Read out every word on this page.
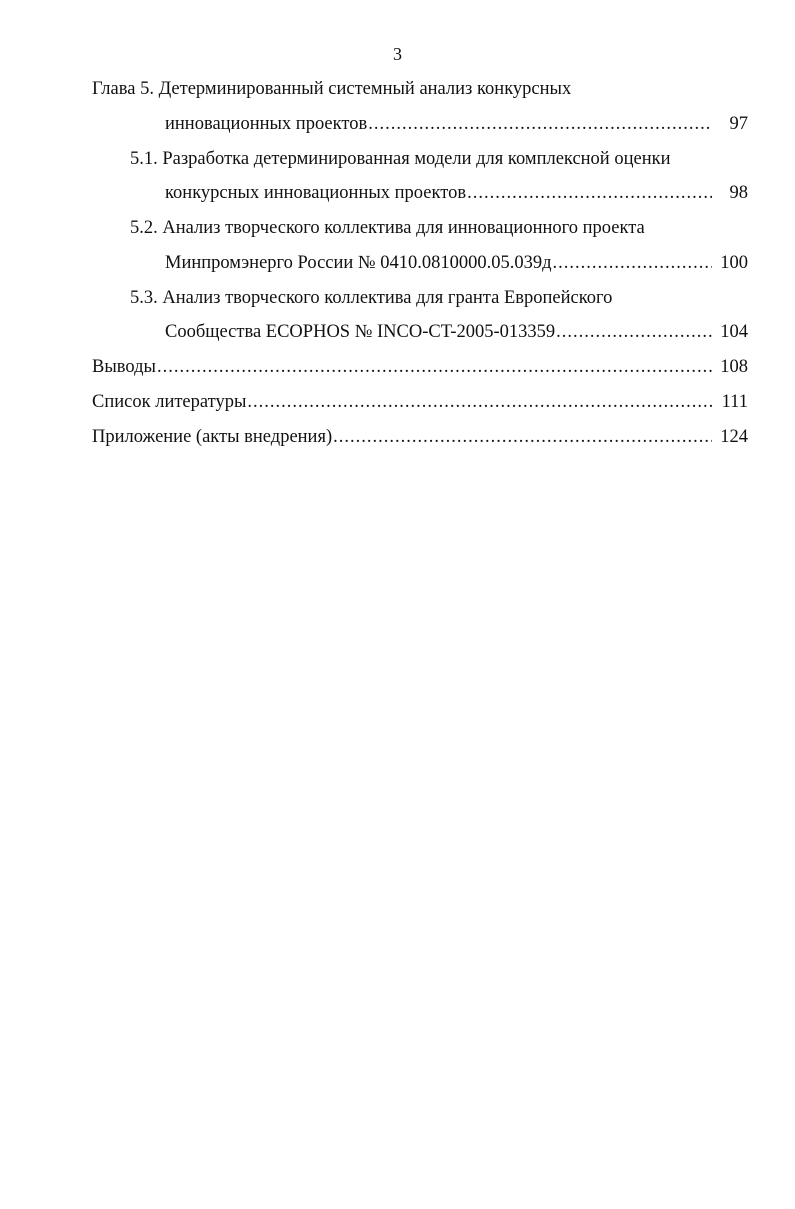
3
Глава 5. Детерминированный системный анализ конкурсных
инновационных проектов .....	97
5.1. Разработка детерминированная модели для комплексной оценки
конкурсных инновационных проектов .....	98
5.2. Анализ творческого коллектива для инновационного проекта
Минпромэнерго России № 0410.0810000.05.039д .....	100
5.3. Анализ творческого коллектива для гранта Европейского
Сообщества ECOPHOS № INCO-CT-2005-013359 .....	104
Выводы .....	108
Список литературы .....	111
Приложение (акты внедрения) .....	124
